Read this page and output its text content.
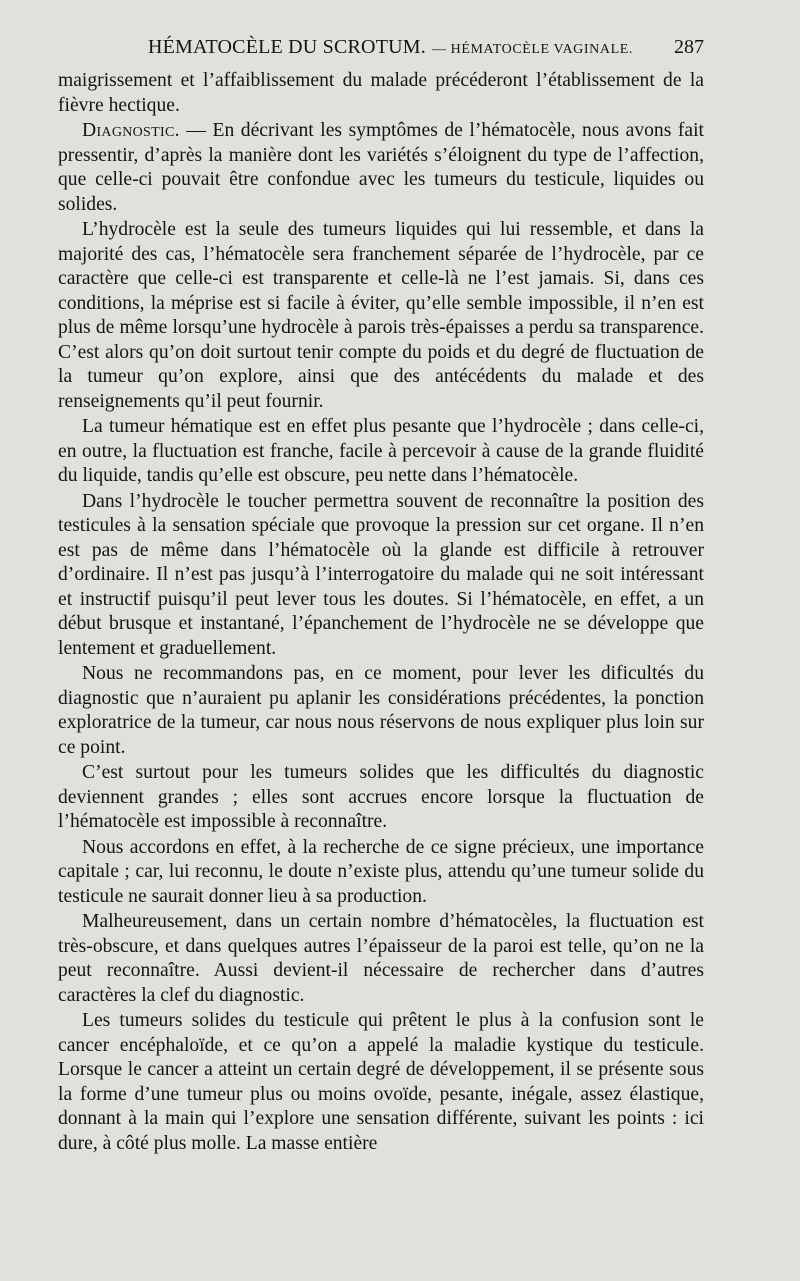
HÉMATOCÈLE DU SCROTUM. — HÉMATOCÈLE VAGINALE. 287

maigrissement et l’affaiblissement du malade précéderont l’établissement de la fièvre hectique.

Diagnostic. — En décrivant les symptômes de l’hématocèle, nous avons fait pressentir, d’après la manière dont les variétés s’éloignent du type de l’affection, que celle-ci pouvait être confondue avec les tumeurs du testicule, liquides ou solides.

L’hydrocèle est la seule des tumeurs liquides qui lui ressemble, et dans la majorité des cas, l’hématocèle sera franchement séparée de l’hydrocèle, par ce caractère que celle-ci est transparente et celle-là ne l’est jamais. Si, dans ces conditions, la méprise est si facile à éviter, qu’elle semble impossible, il n’en est plus de même lorsqu’une hydrocèle à parois très-épaisses a perdu sa transparence. C’est alors qu’on doit surtout tenir compte du poids et du degré de fluctuation de la tumeur qu’on explore, ainsi que des antécédents du malade et des renseignements qu’il peut fournir.

La tumeur hématique est en effet plus pesante que l’hydrocèle ; dans celle-ci, en outre, la fluctuation est franche, facile à percevoir à cause de la grande fluidité du liquide, tandis qu’elle est obscure, peu nette dans l’hématocèle.

Dans l’hydrocèle le toucher permettra souvent de reconnaître la position des testicules à la sensation spéciale que provoque la pression sur cet organe. Il n’en est pas de même dans l’hématocèle où la glande est difficile à retrouver d’ordinaire. Il n’est pas jusqu’à l’interrogatoire du malade qui ne soit intéressant et instructif puisqu’il peut lever tous les doutes. Si l’hématocèle, en effet, a un début brusque et instantané, l’épanchement de l’hydrocèle ne se développe que lentement et graduellement.

Nous ne recommandons pas, en ce moment, pour lever les dificultés du diagnostic que n’auraient pu aplanir les considérations précédentes, la ponction exploratrice de la tumeur, car nous nous réservons de nous expliquer plus loin sur ce point.

C’est surtout pour les tumeurs solides que les difficultés du diagnostic deviennent grandes ; elles sont accrues encore lorsque la fluctuation de l’hématocèle est impossible à reconnaître.

Nous accordons en effet, à la recherche de ce signe précieux, une importance capitale ; car, lui reconnu, le doute n’existe plus, attendu qu’une tumeur solide du testicule ne saurait donner lieu à sa production.

Malheureusement, dans un certain nombre d’hématocèles, la fluctuation est très-obscure, et dans quelques autres l’épaisseur de la paroi est telle, qu’on ne la peut reconnaître. Aussi devient-il nécessaire de rechercher dans d’autres caractères la clef du diagnostic.

Les tumeurs solides du testicule qui prêtent le plus à la confusion sont le cancer encéphaloïde, et ce qu’on a appelé la maladie kystique du testicule. Lorsque le cancer a atteint un certain degré de développement, il se présente sous la forme d’une tumeur plus ou moins ovoïde, pesante, inégale, assez élastique, donnant à la main qui l’explore une sensation différente, suivant les points : ici dure, à côté plus molle. La masse entière
